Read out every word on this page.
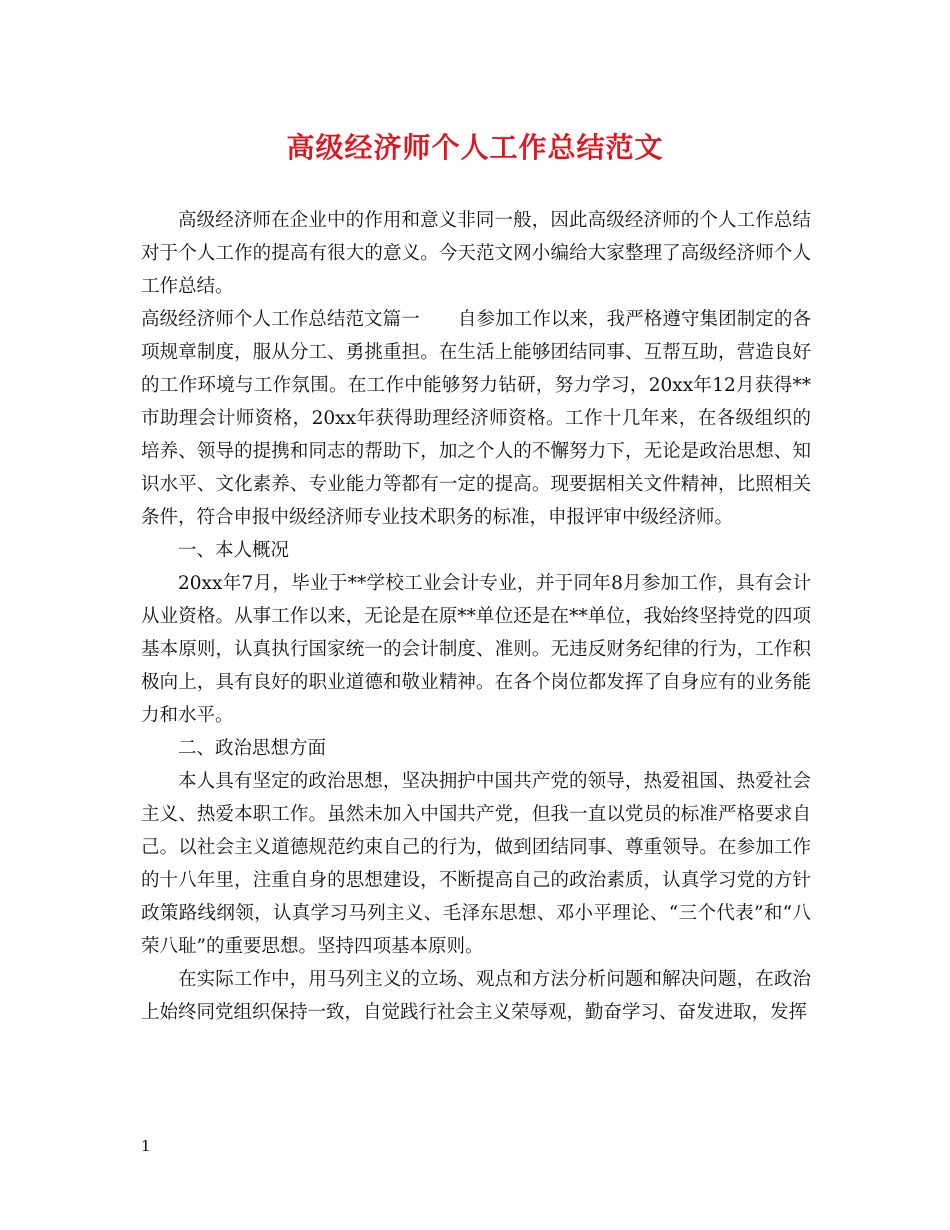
高级经济师个人工作总结范文

高级经济师在企业中的作用和意义非同一般，因此高级经济师的个人工作总结对于个人工作的提高有很大的意义。今天范文网小编给大家整理了高级经济师个人工作总结。

高级经济师个人工作总结范文篇一 自参加工作以来，我严格遵守集团制定的各项规章制度，服从分工、勇挑重担。在生活上能够团结同事、互帮互助，营造良好的工作环境与工作氛围。在工作中能够努力钻研，努力学习，20xx年12月获得**市助理会计师资格，20xx年获得助理经济师资格。工作十几年来，在各级组织的培养、领导的提携和同志的帮助下，加之个人的不懈努力下，无论是政治思想、知识水平、文化素养、专业能力等都有一定的提高。现要据相关文件精神，比照相关条件，符合申报中级经济师专业技术职务的标准，申报评审中级经济师。

一、本人概况

20xx年7月，毕业于**学校工业会计专业，并于同年8月参加工作，具有会计从业资格。从事工作以来，无论是在原**单位还是在**单位，我始终坚持党的四项基本原则，认真执行国家统一的会计制度、准则。无违反财务纪律的行为，工作积极向上，具有良好的职业道德和敬业精神。在各个岗位都发挥了自身应有的业务能力和水平。

二、政治思想方面

本人具有坚定的政治思想，坚决拥护中国共产党的领导，热爱祖国、热爱社会主义、热爱本职工作。虽然未加入中国共产党，但我一直以党员的标准严格要求自己。以社会主义道德规范约束自己的行为，做到团结同事、尊重领导。在参加工作的十八年里，注重自身的思想建设，不断提高自己的政治素质，认真学习党的方针政策路线纲领，认真学习马列主义、毛泽东思想、邓小平理论、“三个代表”和“八荣八耻”的重要思想。坚持四项基本原则。

在实际工作中，用马列主义的立场、观点和方法分析问题和解决问题，在政治上始终同党组织保持一致，自觉践行社会主义荣辱观，勤奋学习、奋发进取，发挥

1
